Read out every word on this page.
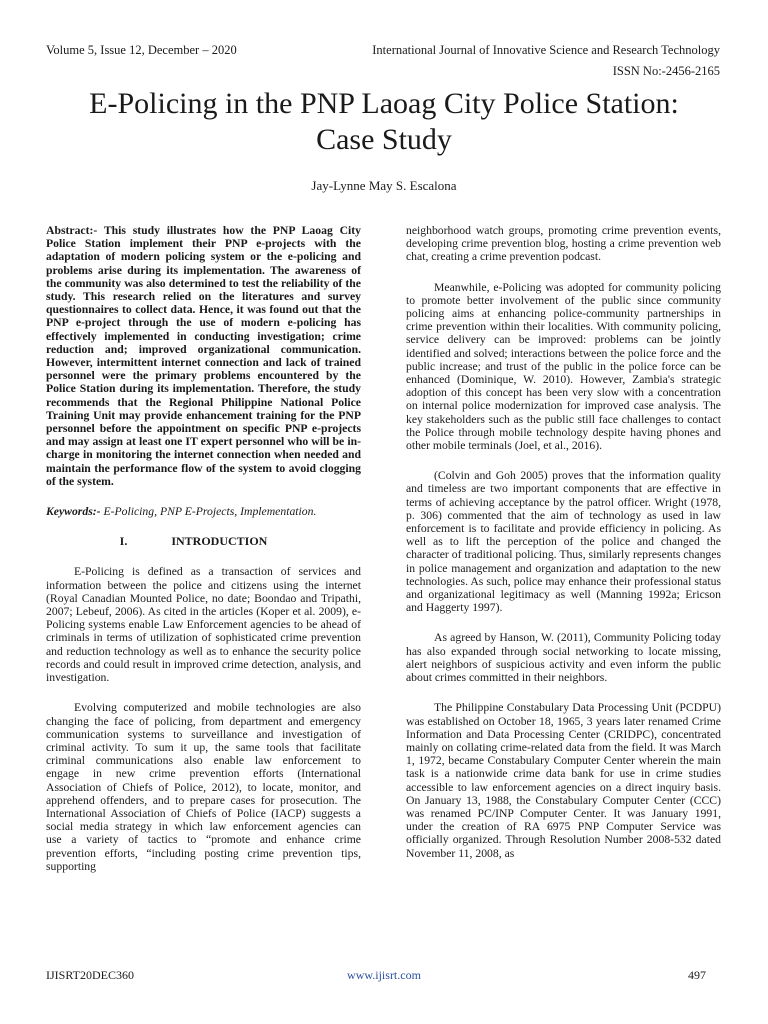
Volume 5, Issue 12, December – 2020	International Journal of Innovative Science and Research Technology
ISSN No:-2456-2165
E-Policing in the PNP Laoag City Police Station:
Case Study
Jay-Lynne May S. Escalona

Abstract:- This study illustrates how the PNP Laoag City Police Station implement their PNP e-projects with the adaptation of modern policing system or the e-policing and problems arise during its implementation. The awareness of the community was also determined to test the reliability of the study. This research relied on the literatures and survey questionnaires to collect data. Hence, it was found out that the PNP e-project through the use of modern e-policing has effectively implemented in conducting investigation; crime reduction and; improved organizational communication. However, intermittent internet connection and lack of trained personnel were the primary problems encountered by the Police Station during its implementation. Therefore, the study recommends that the Regional Philippine National Police Training Unit may provide enhancement training for the PNP personnel before the appointment on specific PNP e-projects and may assign at least one IT expert personnel who will be in-charge in monitoring the internet connection when needed and maintain the performance flow of the system to avoid clogging of the system.

Keywords:- E-Policing, PNP E-Projects, Implementation.

I.	INTRODUCTION

E-Policing is defined as a transaction of services and information between the police and citizens using the internet (Royal Canadian Mounted Police, no date; Boondao and Tripathi, 2007; Lebeuf, 2006). As cited in the articles (Koper et al. 2009), e-Policing systems enable Law Enforcement agencies to be ahead of criminals in terms of utilization of sophisticated crime prevention and reduction technology as well as to enhance the security police records and could result in improved crime detection, analysis, and investigation.

Evolving computerized and mobile technologies are also changing the face of policing, from department and emergency communication systems to surveillance and investigation of criminal activity. To sum it up, the same tools that facilitate criminal communications also enable law enforcement to engage in new crime prevention efforts (International Association of Chiefs of Police, 2012), to locate, monitor, and apprehend offenders, and to prepare cases for prosecution. The International Association of Chiefs of Police (IACP) suggests a social media strategy in which law enforcement agencies can use a variety of tactics to “promote and enhance crime prevention efforts, “including posting crime prevention tips, supporting

neighborhood watch groups, promoting crime prevention events, developing crime prevention blog, hosting a crime prevention web chat, creating a crime prevention podcast.

Meanwhile, e-Policing was adopted for community policing to promote better involvement of the public since community policing aims at enhancing police-community partnerships in crime prevention within their localities. With community policing, service delivery can be improved: problems can be jointly identified and solved; interactions between the police force and the public increase; and trust of the public in the police force can be enhanced (Dominique, W. 2010). However, Zambia's strategic adoption of this concept has been very slow with a concentration on internal police modernization for improved case analysis. The key stakeholders such as the public still face challenges to contact the Police through mobile technology despite having phones and other mobile terminals (Joel, et al., 2016).

(Colvin and Goh 2005) proves that the information quality and timeless are two important components that are effective in terms of achieving acceptance by the patrol officer. Wright (1978, p. 306) commented that the aim of technology as used in law enforcement is to facilitate and provide efficiency in policing. As well as to lift the perception of the police and changed the character of traditional policing. Thus, similarly represents changes in police management and organization and adaptation to the new technologies. As such, police may enhance their professional status and organizational legitimacy as well (Manning 1992a; Ericson and Haggerty 1997).

As agreed by Hanson, W. (2011), Community Policing today has also expanded through social networking to locate missing, alert neighbors of suspicious activity and even inform the public about crimes committed in their neighbors.

The Philippine Constabulary Data Processing Unit (PCDPU) was established on October 18, 1965, 3 years later renamed Crime Information and Data Processing Center (CRIDPC), concentrated mainly on collating crime-related data from the field. It was March 1, 1972, became Constabulary Computer Center wherein the main task is a nationwide crime data bank for use in crime studies accessible to law enforcement agencies on a direct inquiry basis. On January 13, 1988, the Constabulary Computer Center (CCC) was renamed PC/INP Computer Center. It was January 1991, under the creation of RA 6975 PNP Computer Service was officially organized. Through Resolution Number 2008-532 dated November 11, 2008, as

IJISRT20DEC360	www.ijisrt.com	497
